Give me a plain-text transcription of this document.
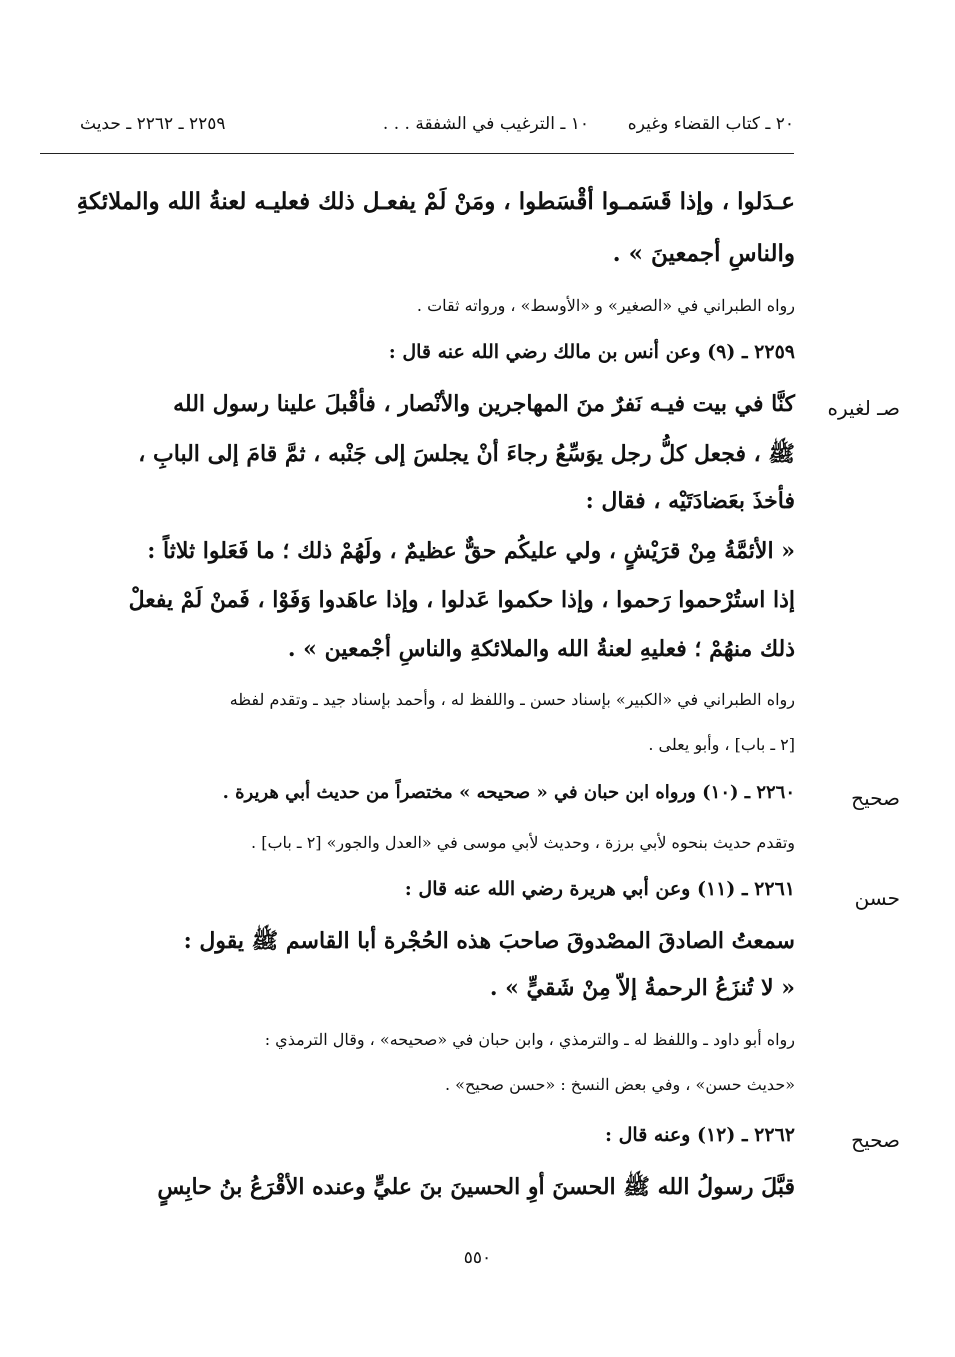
٢٠ ـ كتاب القضاء وغيره
١٠ ـ الترغيب في الشفقة . . .
٢٢٥٩ ـ ٢٢٦٢ ـ حديث
عـدَلوا ، وإذا قَسَمـوا أقْسَطوا ، ومَنْ لَمْ يفعـل ذلك فعليـه لعنةُ الله والملائكةِ
والناسِ أجمعينَ » .
رواه الطبراني في «الصغير» و «الأوسط» ، ورواته ثقات .
٢٢٥٩ ـ (٩) وعن أنس بن مالك رضي الله عنه قال :
كنَّا في بيت فيـه نَفرٌ منَ المهاجرين والأنْصار ، فأقْبلَ علينا رسول الله
ﷺ ، فجعل كلُّ رجل يوَسِّعُ رجاءَ أنْ يجلسَ إلى جَنْبه ، ثمَّ قامَ إلى البابِ ،
فأخذَ بعَضادَتَيْه ، فقال :
« الأئمَّةُ مِنْ قرَيْشٍ ، ولي عليكُم حقٌّ عظيمٌ ، ولَهُمْ ذلك ؛ ما فَعَلوا ثلاثاً :
إذا استُرْحموا رَحموا ، وإذا حكموا عَدلوا ، وإذا عاهَدوا وَفَوْا ، فَمنْ لَمْ يفعلْ
ذلك منهُمْ ؛ فعليهِ لعنةُ الله والملائكةِ والناسِ أجْمعين » .
رواه الطبراني في «الكبير» بإسناد حسن ـ واللفظ له ، وأحمد بإسناد جيد ـ وتقدم لفظه
[٢ ـ باب] ، وأبو يعلى .
٢٢٦٠ ـ (١٠) ورواه ابن حبان في « صحيحه » مختصراً من حديث أبي هريرة .
وتقدم حديث بنحوه لأبي برزة ، وحديث لأبي موسى في «العدل والجور» [٢ ـ باب] .
٢٢٦١ ـ (١١) وعن أبي هريرة رضي الله عنه قال :
سمعتُ الصادقَ المصْدوقَ صاحبَ هذه الحُجْرة أبا القاسم ﷺ يقول :
« لا تُنزَعُ الرحمةُ إلاّ مِنْ شَقيٍّ » .
رواه أبو داود ـ واللفظ له ـ والترمذي ، وابن حبان في «صحيحه» ، وقال الترمذي :
«حديث حسن» ، وفي بعض النسخ : «حسن صحيح» .
٢٢٦٢ ـ (١٢) وعنه قال :
قبَّلَ رسولُ الله ﷺ الحسنَ أوِ الحسينَ بنَ عليٍّ وعنده الأقْرَعُ بنُ حابِسٍ
صـ لغيره
صحيح
حسن
صحيح
٥٥٠
